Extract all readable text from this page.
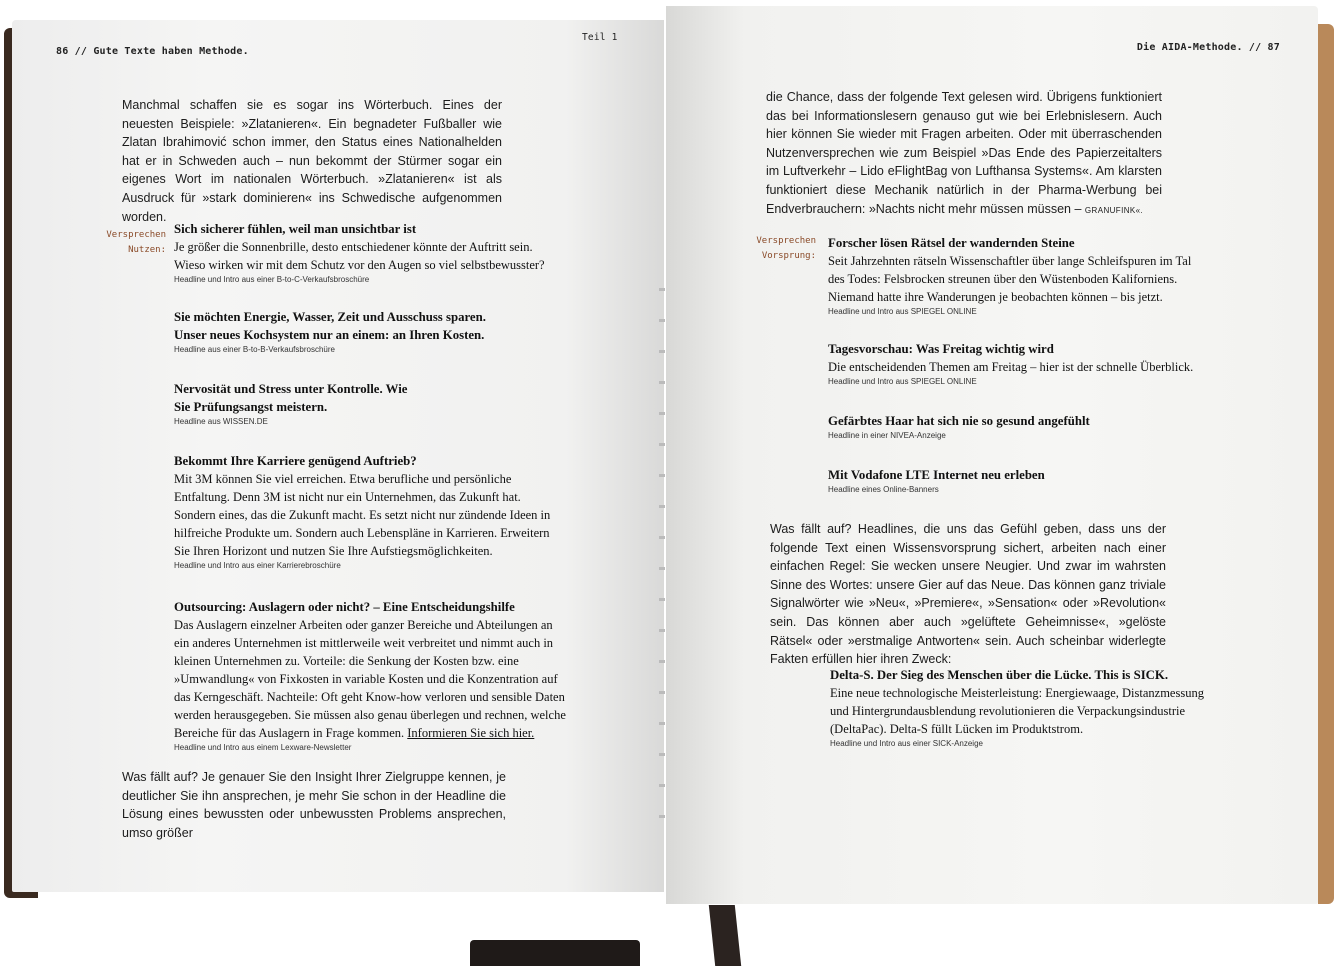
86 // Gute Texte haben Methode.
Teil 1

Manchmal schaffen sie es sogar ins Wörterbuch. Eines der neuesten Beispiele: »Zlatanieren«. Ein begnadeter Fußballer wie Zlatan Ibrahimović schon immer, den Status eines Nationalhelden hat er in Schweden auch – nun bekommt der Stürmer sogar ein eigenes Wort im nationalen Wörterbuch. »Zlatanieren« ist als Ausdruck für »stark dominieren« ins Schwedische aufgenommen worden.

Versprechen
Nutzen:
Sich sicherer fühlen, weil man unsichtbar ist
Je größer die Sonnenbrille, desto entschiedener könnte der Auftritt sein. Wieso wirken wir mit dem Schutz vor den Augen so viel selbstbewusster?
Headline und Intro aus einer B-to-C-Verkaufsbroschüre
Sie möchten Energie, Wasser, Zeit und Ausschuss sparen. Unser neues Kochsystem nur an einem: an Ihren Kosten.
Headline aus einer B-to-B-Verkaufsbroschüre
Nervosität und Stress unter Kontrolle. Wie Sie Prüfungsangst meistern.
Headline aus WISSEN.DE
Bekommt Ihre Karriere genügend Auftrieb?
Mit 3M können Sie viel erreichen. Etwa berufliche und persönliche Entfaltung. Denn 3M ist nicht nur ein Unternehmen, das Zukunft hat. Sondern eines, das die Zukunft macht. Es setzt nicht nur zündende Ideen in hilfreiche Produkte um. Sondern auch Lebenspläne in Karrieren. Erweitern Sie Ihren Horizont und nutzen Sie Ihre Aufstiegsmöglichkeiten.
Headline und Intro aus einer Karrierebroschüre
Outsourcing: Auslagern oder nicht? – Eine Entscheidungshilfe
Das Auslagern einzelner Arbeiten oder ganzer Bereiche und Abteilungen an ein anderes Unternehmen ist mittlerweile weit verbreitet und nimmt auch in kleinen Unternehmen zu. Vorteile: die Senkung der Kosten bzw. eine »Umwandlung« von Fixkosten in variable Kosten und die Konzentration auf das Kerngeschäft. Nachteile: Oft geht Know-how verloren und sensible Daten werden herausgegeben. Sie müssen also genau überlegen und rechnen, welche Bereiche für das Auslagern in Frage kommen. Informieren Sie sich hier.
Headline und Intro aus einem Lexware-Newsletter

Was fällt auf? Je genauer Sie den Insight Ihrer Zielgruppe kennen, je deutlicher Sie ihn ansprechen, je mehr Sie schon in der Headline die Lösung eines bewussten oder unbewussten Problems ansprechen, umso größer

Die AIDA-Methode. // 87

die Chance, dass der folgende Text gelesen wird. Übrigens funktioniert das bei Informationslesern genauso gut wie bei Erlebnislesern. Auch hier können Sie wieder mit Fragen arbeiten. Oder mit überraschenden Nutzenversprechen wie zum Beispiel »Das Ende des Papierzeitalters im Luftverkehr – Lido eFlightBag von Lufthansa Systems«. Am klarsten funktioniert diese Mechanik natürlich in der Pharma-Werbung bei Endverbrauchern: »Nachts nicht mehr müssen müssen – GRANUFINK«.

Versprechen
Vorsprung:
Forscher lösen Rätsel der wandernden Steine
Seit Jahrzehnten rätseln Wissenschaftler über lange Schleifspuren im Tal des Todes: Felsbrocken streunen über den Wüstenboden Kaliforniens. Niemand hatte ihre Wanderungen je beobachten können – bis jetzt.
Headline und Intro aus SPIEGEL ONLINE
Tagesvorschau: Was Freitag wichtig wird
Die entscheidenden Themen am Freitag – hier ist der schnelle Überblick.
Headline und Intro aus SPIEGEL ONLINE
Gefärbtes Haar hat sich nie so gesund angefühlt
Headline in einer NIVEA-Anzeige
Mit Vodafone LTE Internet neu erleben
Headline eines Online-Banners

Was fällt auf? Headlines, die uns das Gefühl geben, dass uns der folgende Text einen Wissensvorsprung sichert, arbeiten nach einer einfachen Regel: Sie wecken unsere Neugier. Und zwar im wahrsten Sinne des Wortes: unsere Gier auf das Neue. Das können ganz triviale Signalwörter wie »Neu«, »Premiere«, »Sensation« oder »Revolution« sein. Das können aber auch »gelüftete Geheimnisse«, »gelöste Rätsel« oder »erstmalige Antworten« sein. Auch scheinbar widerlegte Fakten erfüllen hier ihren Zweck:

Delta-S. Der Sieg des Menschen über die Lücke. This is SICK.
Eine neue technologische Meisterleistung: Energiewaage, Distanzmessung und Hintergrundausblendung revolutionieren die Verpackungsindustrie (DeltaPac). Delta-S füllt Lücken im Produktstrom.
Headline und Intro aus einer SICK-Anzeige
